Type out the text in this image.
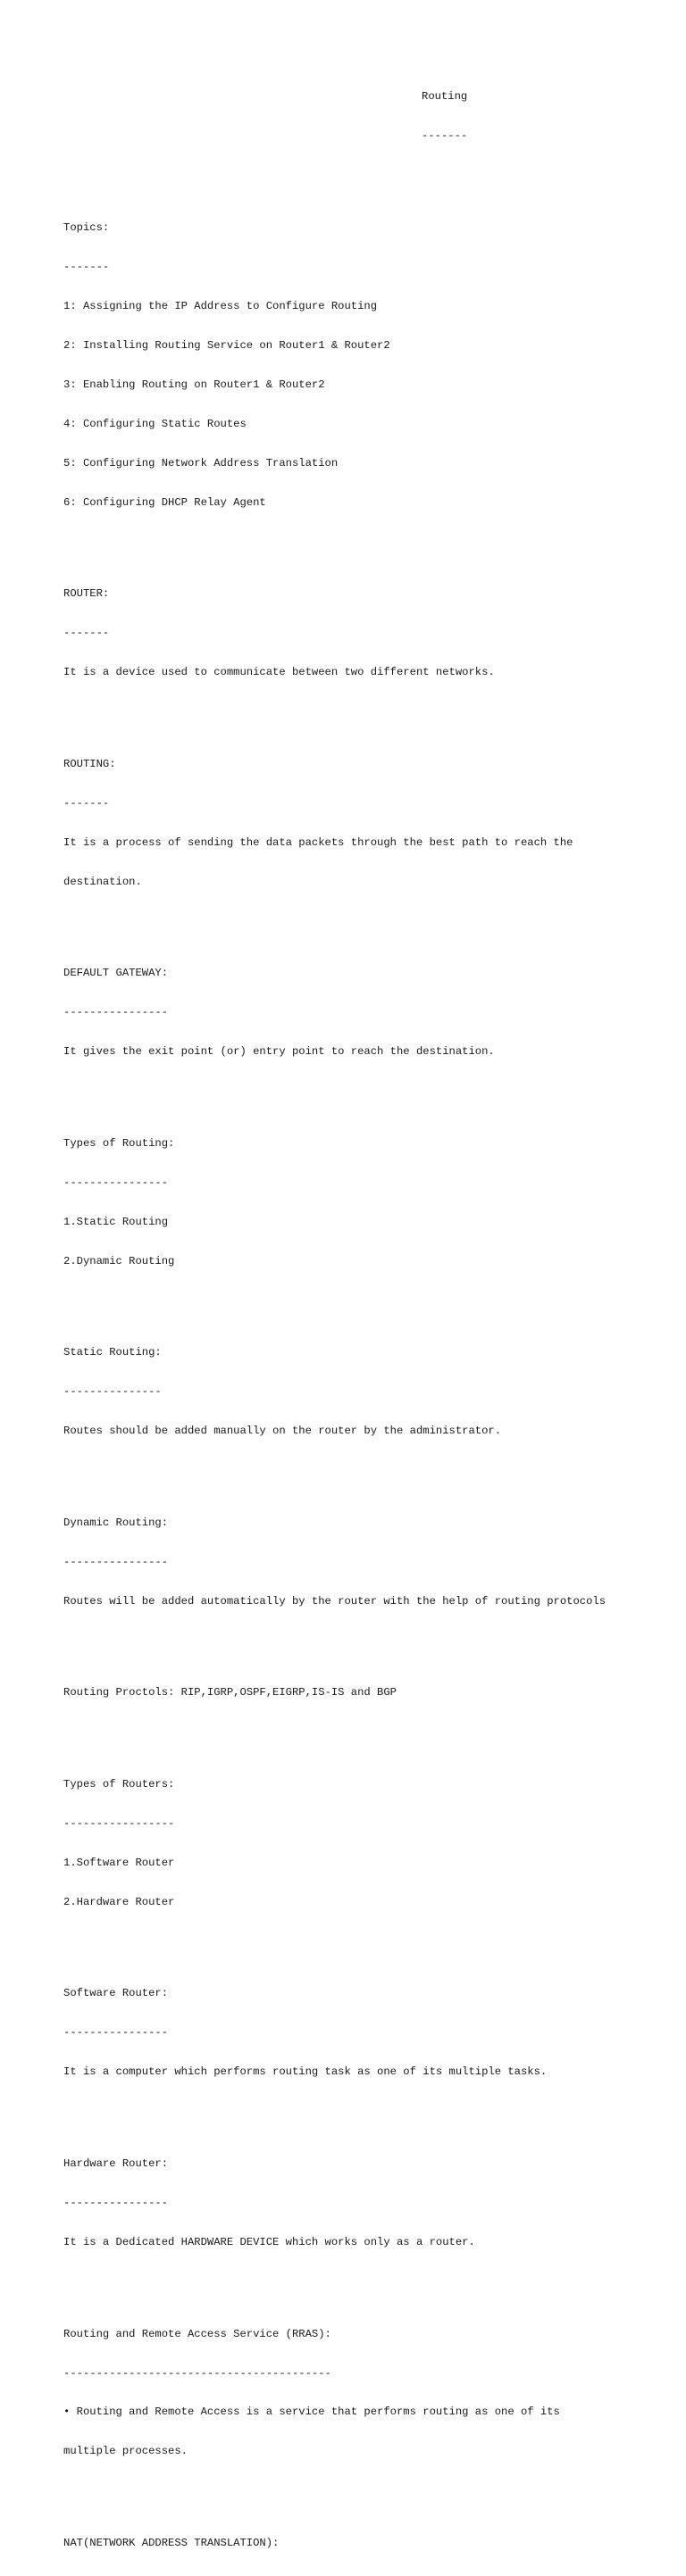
Routing

-------

Topics:

-------

1: Assigning the IP Address to Configure Routing

2: Installing Routing Service on Router1 & Router2

3: Enabling Routing on Router1 & Router2

4: Configuring Static Routes

5: Configuring Network Address Translation

6: Configuring DHCP Relay Agent

ROUTER:

-------

It is a device used to communicate between two different networks.

ROUTING:

-------

It is a process of sending the data packets through the best path to reach the

destination.

DEFAULT GATEWAY:

----------------

It gives the exit point (or) entry point to reach the destination.

Types of Routing:

----------------

1.Static Routing

2.Dynamic Routing

Static Routing:

---------------

Routes should be added manually on the router by the administrator.

Dynamic Routing:

----------------

Routes will be added automatically by the router with the help of routing protocols

Routing Proctols: RIP,IGRP,OSPF,EIGRP,IS-IS and BGP

Types of Routers:

-----------------

1.Software Router

2.Hardware Router

Software Router:

----------------

It is a computer which performs routing task as one of its multiple tasks.

Hardware Router:

----------------

It is a Dedicated HARDWARE DEVICE which works only as a router.

Routing and Remote Access Service (RRAS):

-----------------------------------------

• Routing and Remote Access is a service that performs routing as one of its

multiple processes.

NAT(NETWORK ADDRESS TRANSLATION):
